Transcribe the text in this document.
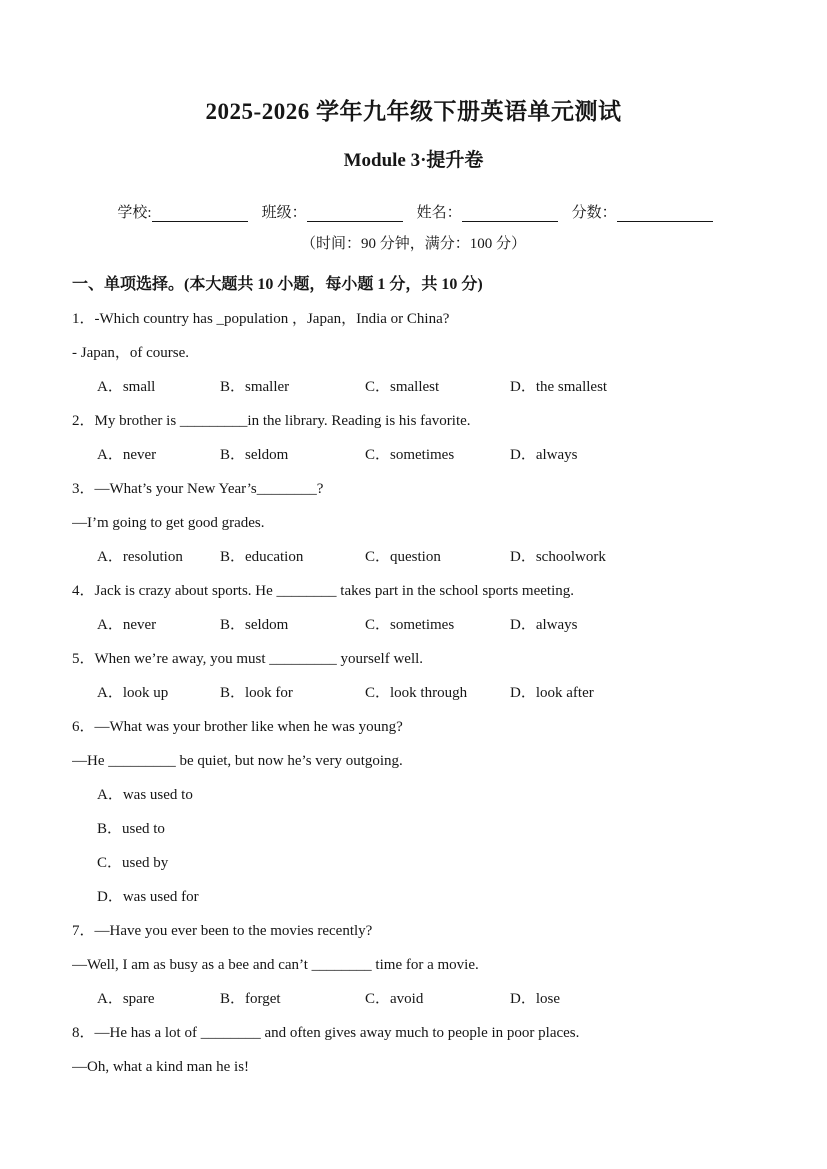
2025-2026 学年九年级下册英语单元测试
Module 3·提升卷
学校:	班级：	姓名：	分数：
（时间：90 分钟，满分：100 分）
一、单项选择。(本大题共 10 小题，每小题 1 分，共 10 分)
1．-Which country has _population ，Japan，India or China?
- Japan，of course.
A．small	B．smaller	C．smallest	D．the smallest
2．My brother is _________in the library. Reading is his favorite.
A．never	B．seldom	C．sometimes	D．always
3．—What’s your New Year’s________?
—I’m going to get good grades.
A．resolution	B．education	C．question	D．schoolwork
4．Jack is crazy about sports. He ________ takes part in the school sports meeting.
A．never	B．seldom	C．sometimes	D．always
5．When we’re away, you must _________ yourself well.
A．look up	B．look for	C．look through	D．look after
6．—What was your brother like when he was young?
—He _________ be quiet, but now he’s very outgoing.
A．was used to
B．used to
C．used by
D．was used for
7．—Have you ever been to the movies recently?
—Well, I am as busy as a bee and can’t ________ time for a movie.
A．spare	B．forget	C．avoid	D．lose
8．—He has a lot of ________ and often gives away much to people in poor places.
—Oh, what a kind man he is!
